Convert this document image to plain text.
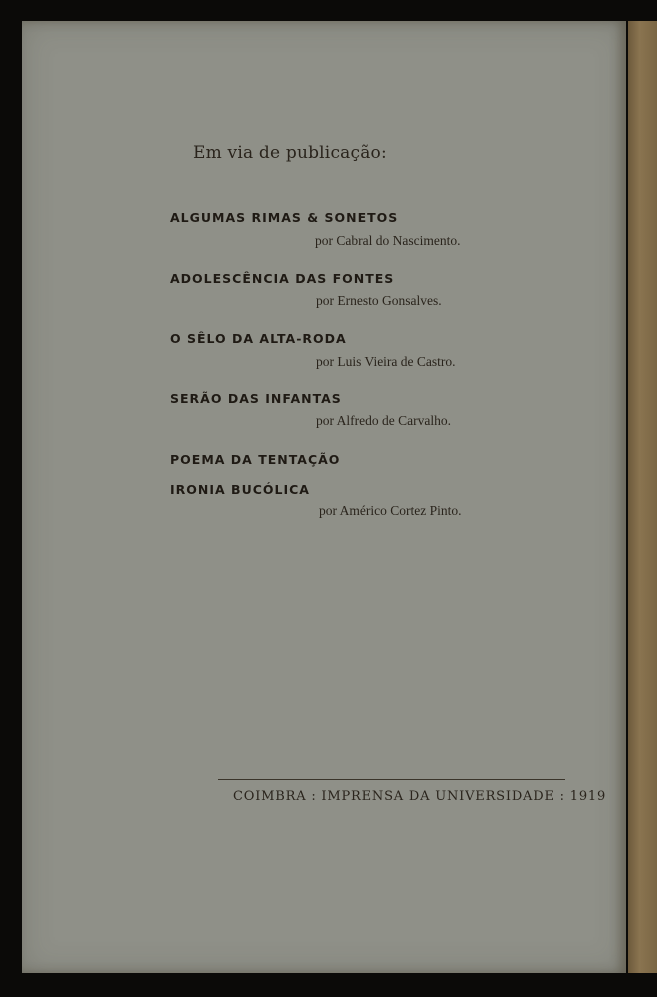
Em via de publicação:
ALGUMAS RIMAS & SONETOS
por Cabral do Nascimento.
ADOLESCÊNCIA DAS FONTES
por Ernesto Gonsalves.
O SÊLO DA ALTA-RODA
por Luis Vieira de Castro.
SERÃO DAS INFANTAS
por Alfredo de Carvalho.
POEMA DA TENTAÇÃO
IRONIA BUCÓLICA
por Américo Cortez Pinto.
COIMBRA : IMPRENSA DA UNIVERSIDADE : 1919
